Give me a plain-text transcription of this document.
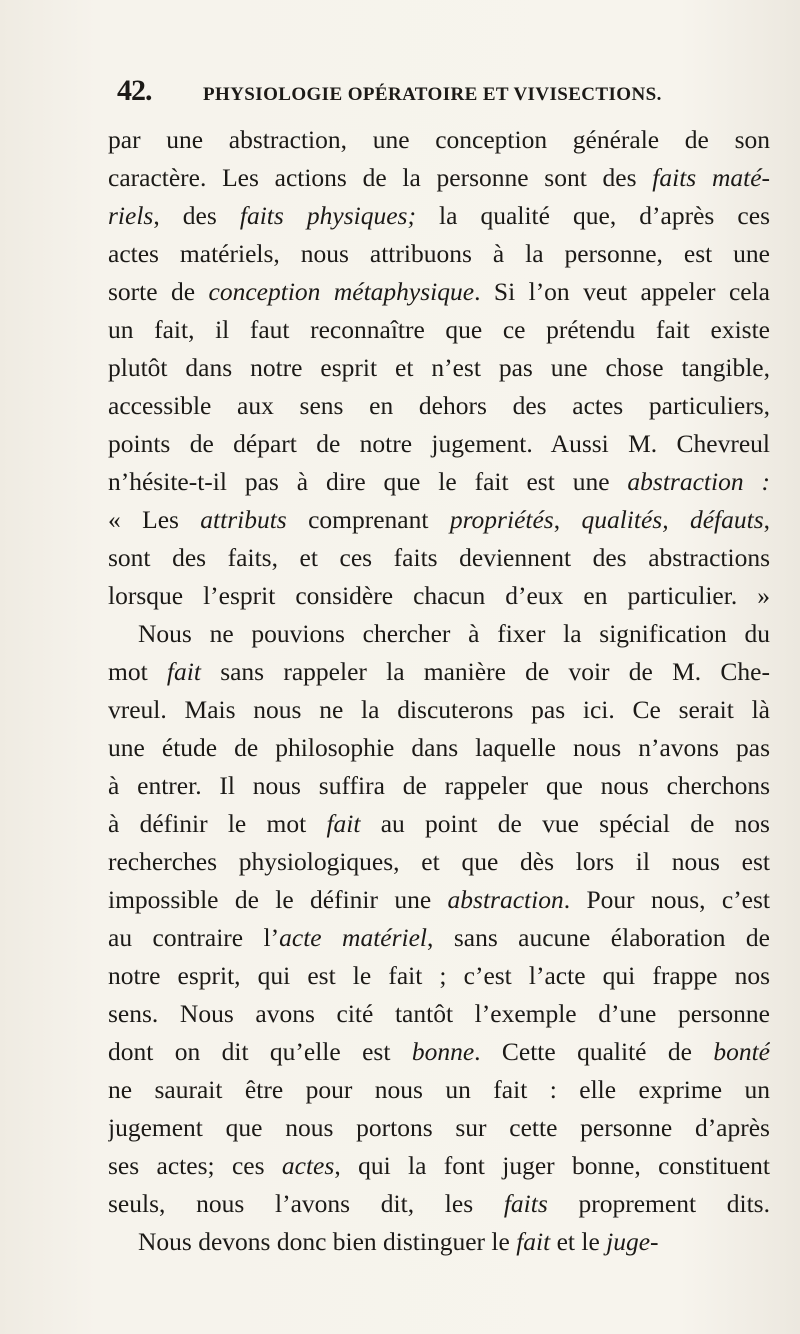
42.	PHYSIOLOGIE OPÉRATOIRE ET VIVISECTIONS.
par une abstraction, une conception générale de son
caractère. Les actions de la personne sont des faits maté-
riels, des faits physiques; la qualité que, d’après ces
actes matériels, nous attribuons à la personne, est une
sorte de conception métaphysique. Si l’on veut appeler cela
un fait, il faut reconnaître que ce prétendu fait existe
plutôt dans notre esprit et n’est pas une chose tangible,
accessible aux sens en dehors des actes particuliers,
points de départ de notre jugement. Aussi M. Chevreul
n’hésite-t-il pas à dire que le fait est une abstraction :
« Les attributs comprenant propriétés, qualités, défauts,
sont des faits, et ces faits deviennent des abstractions
lorsque l’esprit considère chacun d’eux en particulier. »
Nous ne pouvions chercher à fixer la signification du
mot fait sans rappeler la manière de voir de M. Che-
vreul. Mais nous ne la discuterons pas ici. Ce serait là
une étude de philosophie dans laquelle nous n’avons pas
à entrer. Il nous suffira de rappeler que nous cherchons
à définir le mot fait au point de vue spécial de nos
recherches physiologiques, et que dès lors il nous est
impossible de le définir une abstraction. Pour nous, c’est
au contraire l’acte matériel, sans aucune élaboration de
notre esprit, qui est le fait ; c’est l’acte qui frappe nos
sens. Nous avons cité tantôt l’exemple d’une personne
dont on dit qu’elle est bonne. Cette qualité de bonté
ne saurait être pour nous un fait : elle exprime un
jugement que nous portons sur cette personne d’après
ses actes; ces actes, qui la font juger bonne, constituent
seuls, nous l’avons dit, les faits proprement dits.
Nous devons donc bien distinguer le fait et le juge-
